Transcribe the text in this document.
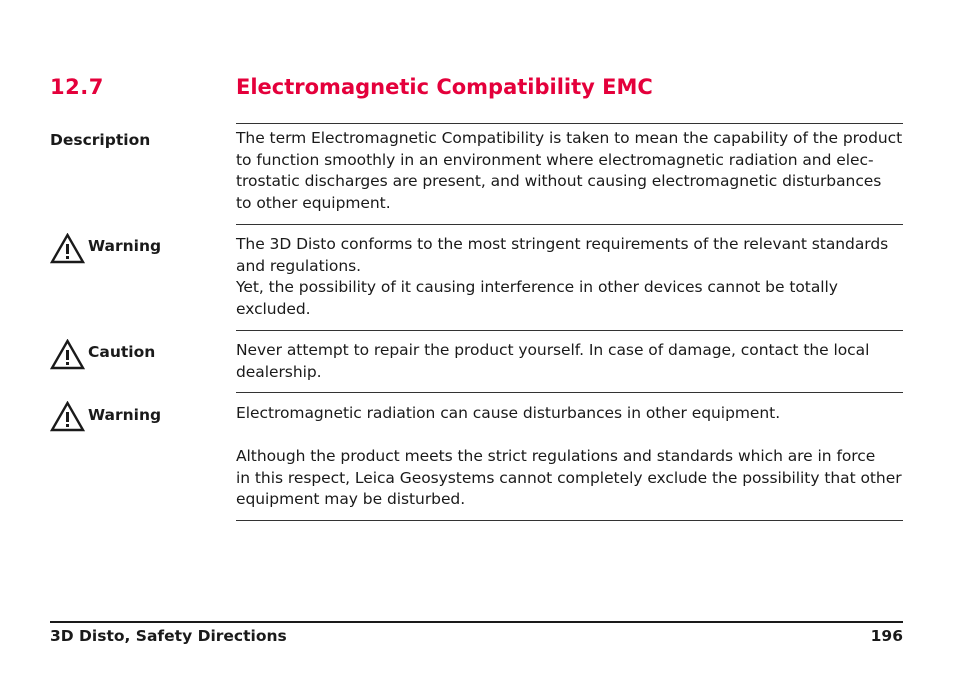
12.7	Electromagnetic Compatibility EMC
Description	The term Electromagnetic Compatibility is taken to mean the capability of the product
to function smoothly in an environment where electromagnetic radiation and elec-
trostatic discharges are present, and without causing electromagnetic disturbances
to other equipment.

Warning	The 3D Disto conforms to the most stringent requirements of the relevant standards
and regulations.
Yet, the possibility of it causing interference in other devices cannot be totally
excluded.

Caution	Never attempt to repair the product yourself. In case of damage, contact the local
dealership.

Warning	Electromagnetic radiation can cause disturbances in other equipment.
Although the product meets the strict regulations and standards which are in force
in this respect, Leica Geosystems cannot completely exclude the possibility that other
equipment may be disturbed.

3D Disto, Safety Directions	196
